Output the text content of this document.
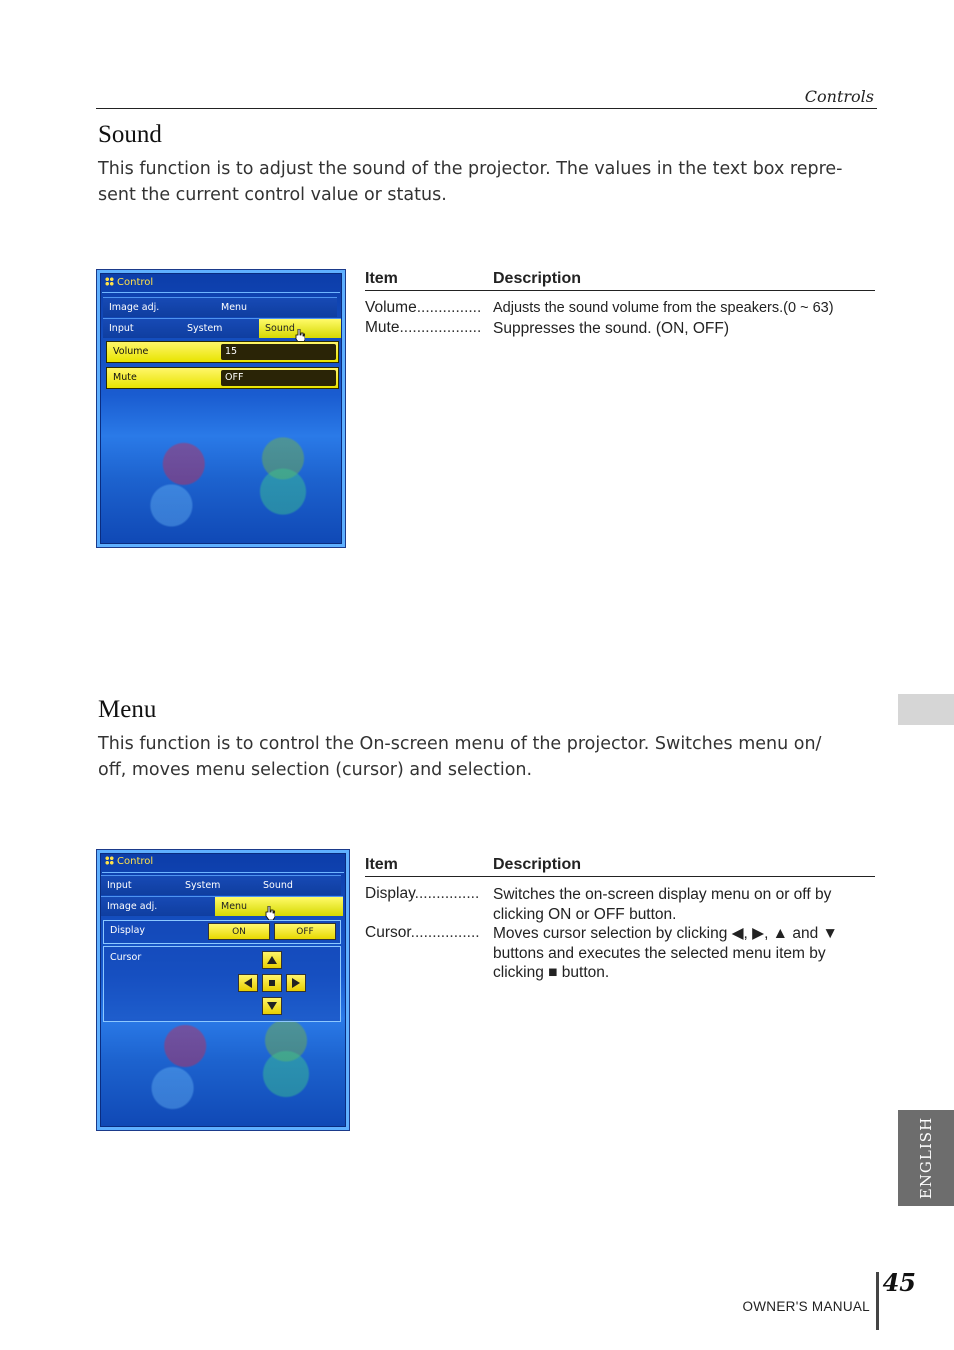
Controls
Sound
This function is to adjust the sound of the projector. The values in the text box repre-
sent the current control value or status.
Control
Image adj.	Menu
Input	System	Sound
Volume	15
Mute	OFF
Item	Description
Volume............... Adjusts the sound volume from the speakers.(0 ~ 63)
Mute................... Suppresses the sound. (ON, OFF)
Menu
This function is to control the On-screen menu of the projector. Switches menu on/
off, moves menu selection (cursor) and selection.
Control
Input	System	Sound
Image adj.	Menu
Display	ON	OFF
Cursor
Item	Description
Display............... Switches the on-screen display menu on or off by clicking ON or OFF button.
Cursor................ Moves cursor selection by clicking ◀, ▶, ▲ and ▼ buttons and executes the selected menu item by clicking ■ button.
ENGLISH
45
OWNER'S MANUAL
